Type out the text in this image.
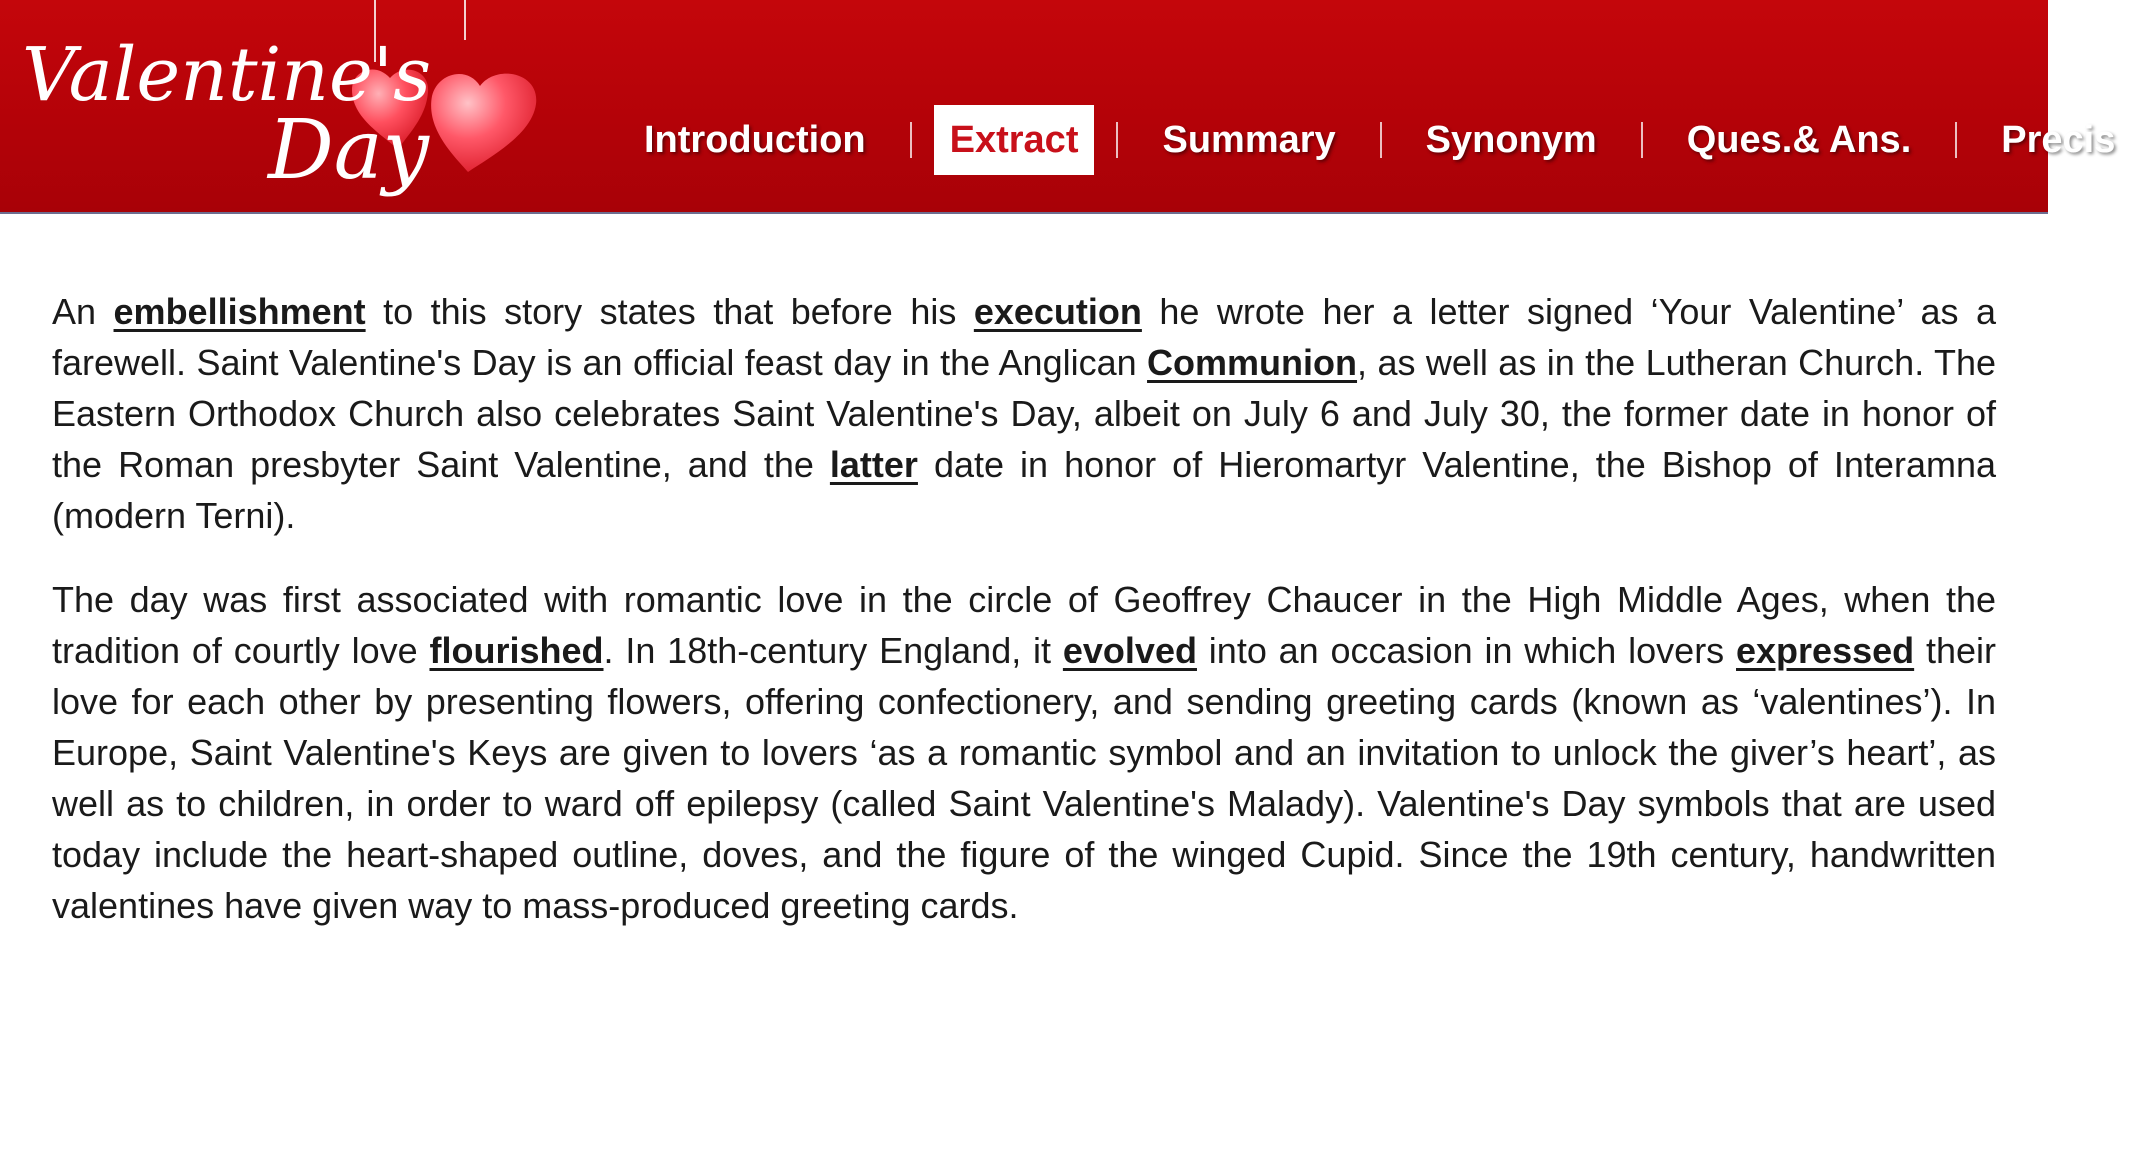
Valentine's
Day	Introduction	Extract	Summary	Synonym	Ques.& Ans.	Precis

An embellishment to this story states that before his execution he wrote her a letter signed ‘Your Valentine’ as a farewell. Saint Valentine's Day is an official feast day in the Anglican Communion, as well as in the Lutheran Church. The Eastern Orthodox Church also celebrates Saint Valentine's Day, albeit on July 6 and July 30, the former date in honor of the Roman presbyter Saint Valentine, and the latter date in honor of Hieromartyr Valentine, the Bishop of Interamna (modern Terni).

The day was first associated with romantic love in the circle of Geoffrey Chaucer in the High Middle Ages, when the tradition of courtly love flourished. In 18th-century England, it evolved into an occasion in which lovers expressed their love for each other by presenting flowers, offering confectionery, and sending greeting cards (known as ‘valentines’). In Europe, Saint Valentine's Keys are given to lovers ‘as a romantic symbol and an invitation to unlock the giver’s heart’, as well as to children, in order to ward off epilepsy (called Saint Valentine's Malady). Valentine's Day symbols that are used today include the heart-shaped outline, doves, and the figure of the winged Cupid. Since the 19th century, handwritten valentines have given way to mass-produced greeting cards.
